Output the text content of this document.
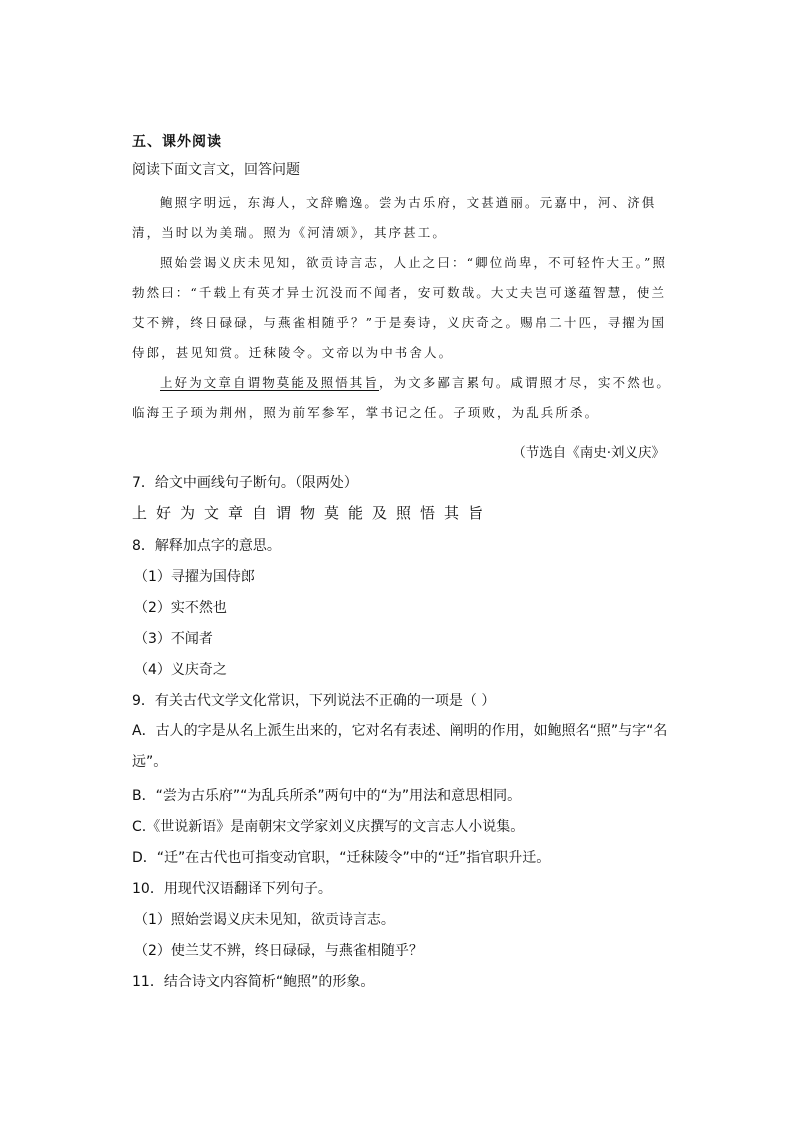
五、课外阅读
阅读下面文言文，回答问题

鲍照字明远，东海人，文辞赡逸。尝为古乐府，文甚遒丽。元嘉中，河、济俱清，当时以为美瑞。照为《河清颂》，其序甚工。

照始尝谒义庆未见知，欲贡诗言志，人止之曰：“卿位尚卑，不可轻忤大王。”照勃然曰：“千载上有英才异士沉没而不闻者，安可数哉。大丈夫岂可遂蕴智慧，使兰艾不辨，终日碌碌，与燕雀相随乎？”于是奏诗，义庆奇之。赐帛二十匹，寻擢为国侍郎，甚见知赏。迁秣陵令。文帝以为中书舍人。

上好为文章自谓物莫能及照悟其旨，为文多鄙言累句。咸谓照才尽，实不然也。临海王子顼为荆州，照为前军参军，掌书记之任。子顼败，为乱兵所杀。

（节选自《南史·刘义庆》
7．给文中画线句子断句。（限两处）
上好为文章自谓物莫能及照悟其旨
8．解释加点字的意思。
（1）寻擢为国侍郎
（2）实不然也
（3）不闻者
（4）义庆奇之
9．有关古代文学文化常识，下列说法不正确的一项是（ ）
A．古人的字是从名上派生出来的，它对名有表述、阐明的作用，如鲍照名“照”与字“名远”。
B．“尝为古乐府”“为乱兵所杀”两句中的“为”用法和意思相同。
C.《世说新语》是南朝宋文学家刘义庆撰写的文言志人小说集。
D．“迁”在古代也可指变动官职，“迁秣陵令”中的“迁”指官职升迁。
10．用现代汉语翻译下列句子。
（1）照始尝谒义庆未见知，欲贡诗言志。
（2）使兰艾不辨，终日碌碌，与燕雀相随乎？
11．结合诗文内容简析“鲍照”的形象。
